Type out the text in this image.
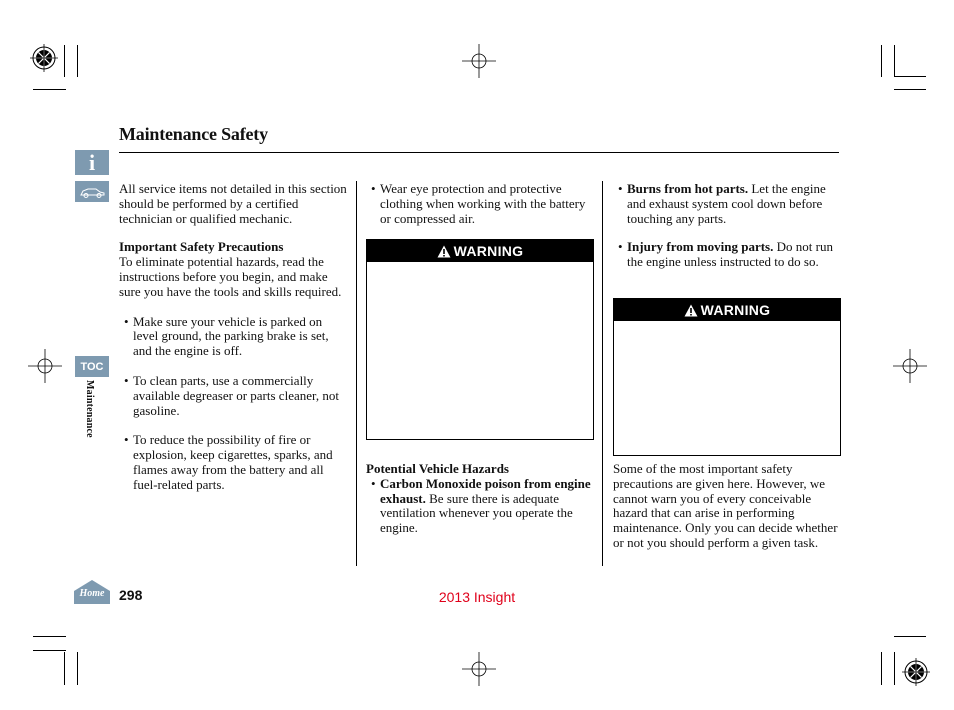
i
TOC
Maintenance
Home
Maintenance Safety
All service items not detailed in this section should be performed by a certified technician or qualified mechanic.
Important Safety Precautions
To eliminate potential hazards, read the instructions before you begin, and make sure you have the tools and skills required.
• Make sure your vehicle is parked on level ground, the parking brake is set, and the engine is off.
• To clean parts, use a commercially available degreaser or parts cleaner, not gasoline.
• To reduce the possibility of fire or explosion, keep cigarettes, sparks, and flames away from the battery and all fuel-related parts.
• Wear eye protection and protective clothing when working with the battery or compressed air.
WARNING
Potential Vehicle Hazards
• Carbon Monoxide poison from engine exhaust. Be sure there is adequate ventilation whenever you operate the engine.
• Burns from hot parts. Let the engine and exhaust system cool down before touching any parts.
• Injury from moving parts. Do not run the engine unless instructed to do so.
WARNING
Some of the most important safety precautions are given here. However, we cannot warn you of every conceivable hazard that can arise in performing maintenance. Only you can decide whether or not you should perform a given task.
298	2013 Insight
